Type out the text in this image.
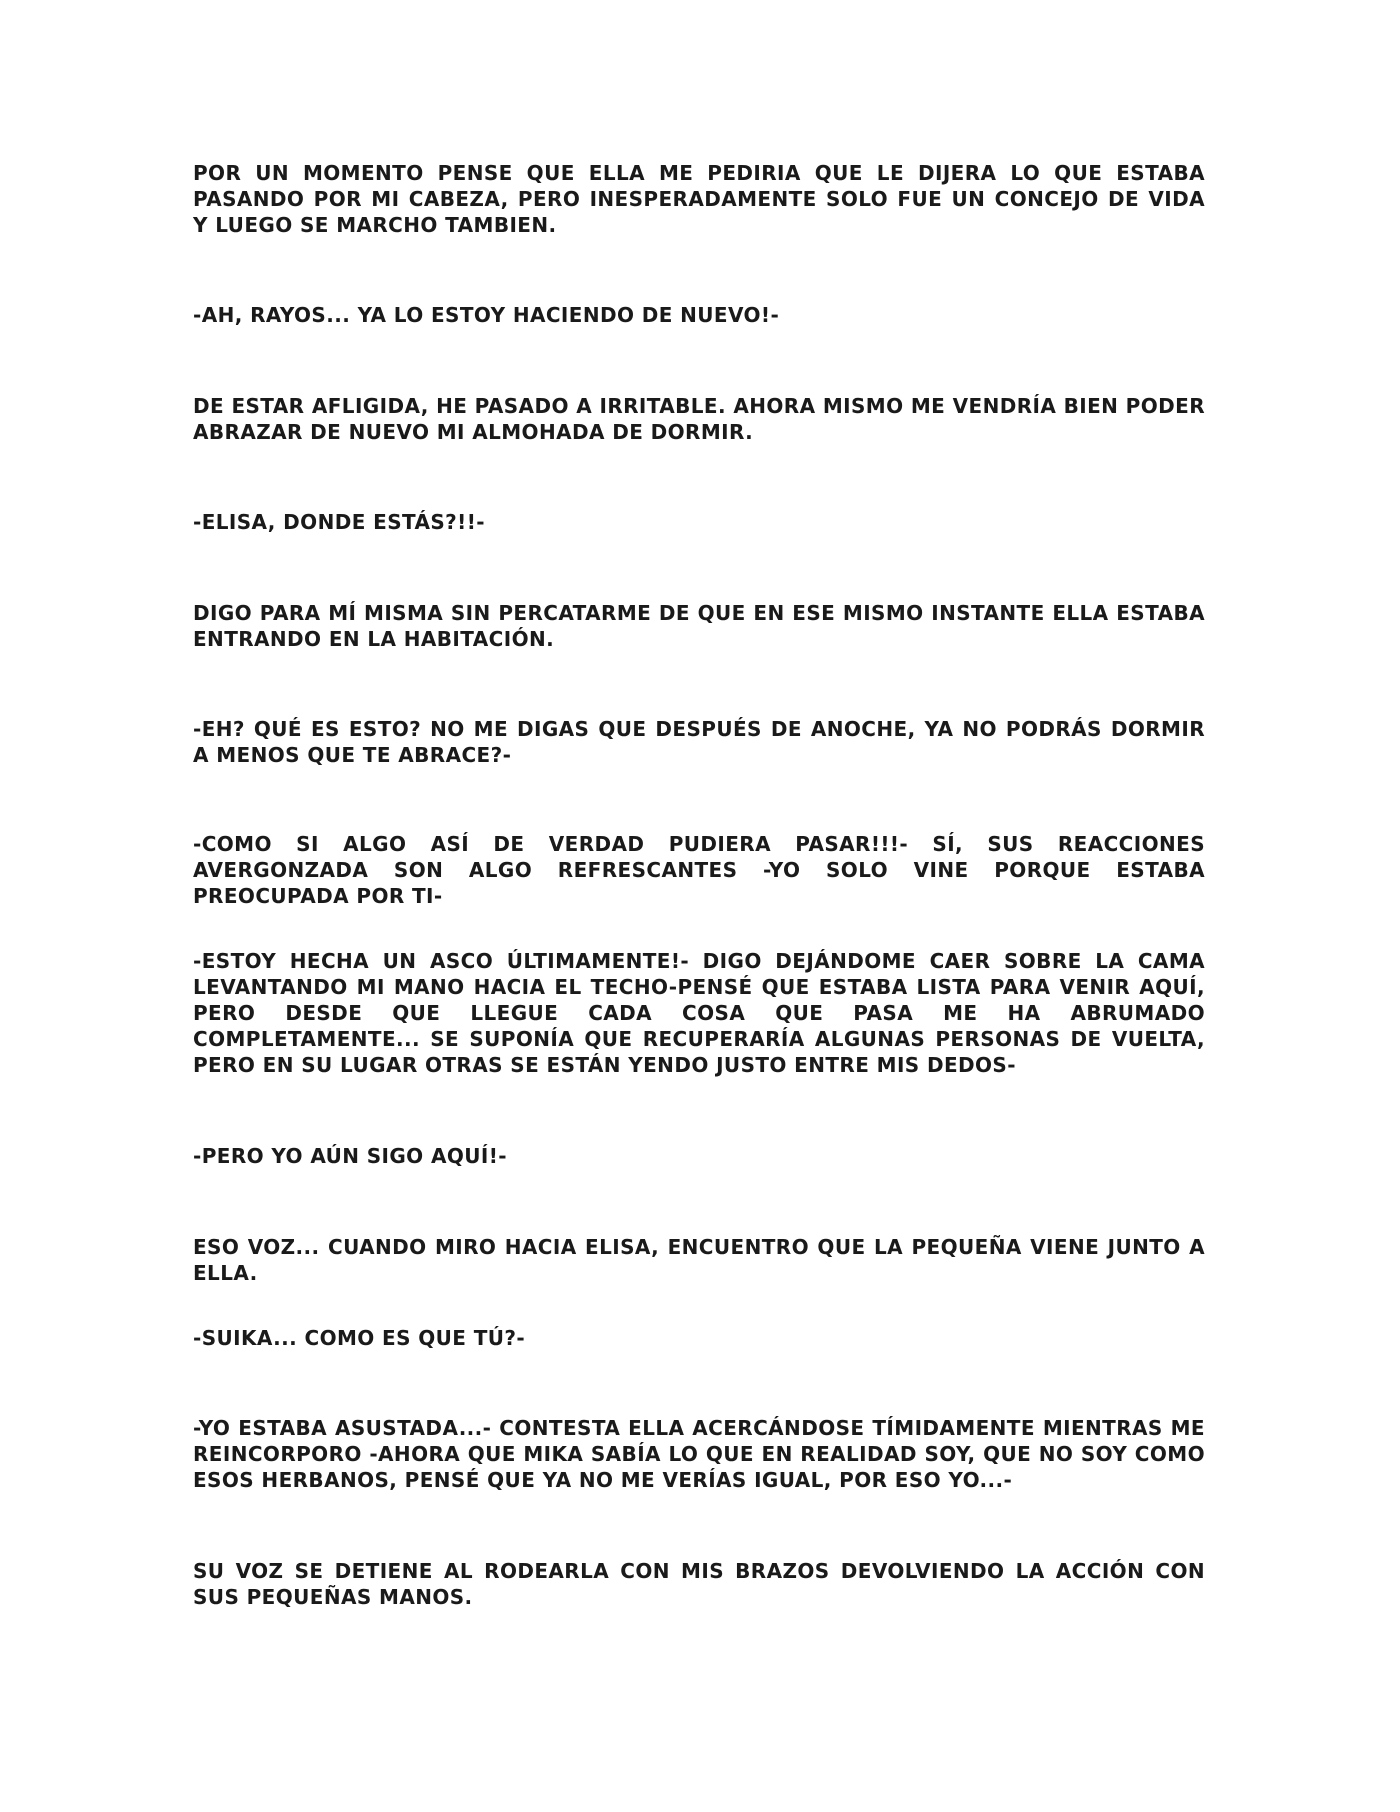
POR UN MOMENTO PENSE QUE ELLA ME PEDIRIA QUE LE DIJERA LO QUE ESTABA PASANDO POR MI CABEZA, PERO INESPERADAMENTE SOLO FUE UN CONCEJO DE VIDA Y LUEGO SE MARCHO TAMBIEN.

-AH, RAYOS... YA LO ESTOY HACIENDO DE NUEVO!-

DE ESTAR AFLIGIDA, HE PASADO A IRRITABLE. AHORA MISMO ME VENDRÍA BIEN PODER ABRAZAR DE NUEVO MI ALMOHADA DE DORMIR.

-ELISA, DONDE ESTÁS?!!-

DIGO PARA MÍ MISMA SIN PERCATARME DE QUE EN ESE MISMO INSTANTE ELLA ESTABA ENTRANDO EN LA HABITACIÓN.

-EH? QUÉ ES ESTO? NO ME DIGAS QUE DESPUÉS DE ANOCHE, YA NO PODRÁS DORMIR A MENOS QUE TE ABRACE?-

-COMO SI ALGO ASÍ DE VERDAD PUDIERA PASAR!!!- SÍ, SUS REACCIONES AVERGONZADA SON ALGO REFRESCANTES -YO SOLO VINE PORQUE ESTABA PREOCUPADA POR TI-

-ESTOY HECHA UN ASCO ÚLTIMAMENTE!- DIGO DEJÁNDOME CAER SOBRE LA CAMA LEVANTANDO MI MANO HACIA EL TECHO-PENSÉ QUE ESTABA LISTA PARA VENIR AQUÍ, PERO DESDE QUE LLEGUE CADA COSA QUE PASA ME HA ABRUMADO COMPLETAMENTE... SE SUPONÍA QUE RECUPERARÍA ALGUNAS PERSONAS DE VUELTA, PERO EN SU LUGAR OTRAS SE ESTÁN YENDO JUSTO ENTRE MIS DEDOS-

-PERO YO AÚN SIGO AQUÍ!-

ESO VOZ... CUANDO MIRO HACIA ELISA, ENCUENTRO QUE LA PEQUEÑA VIENE JUNTO A ELLA.

-SUIKA... COMO ES QUE TÚ?-

-YO ESTABA ASUSTADA...- CONTESTA ELLA ACERCÁNDOSE TÍMIDAMENTE MIENTRAS ME REINCORPORO -AHORA QUE MIKA SABÍA LO QUE EN REALIDAD SOY, QUE NO SOY COMO ESOS HERBANOS, PENSÉ QUE YA NO ME VERÍAS IGUAL, POR ESO YO...-

SU VOZ SE DETIENE AL RODEARLA CON MIS BRAZOS DEVOLVIENDO LA ACCIÓN CON SUS PEQUEÑAS MANOS.
